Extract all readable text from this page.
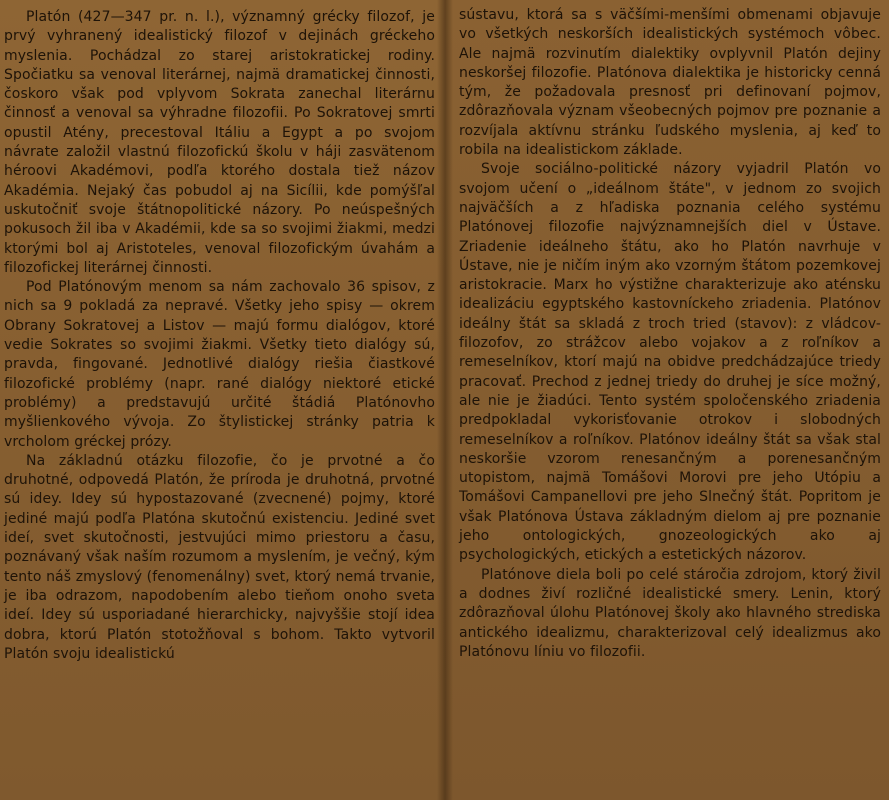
Platón (427—347 pr. n. l.), významný grécky filozof, je prvý vyhranený idealistický filozof v dejinách gréckeho myslenia. Pochádzal zo starej aristokratickej rodiny. Spočiatku sa venoval literárnej, najmä dramatickej činnosti, čoskoro však pod vplyvom Sokrata zanechal literárnu činnosť a venoval sa výhradne filozofii. Po Sokratovej smrti opustil Atény, precestoval Itáliu a Egypt a po svojom návrate založil vlastnú filozofickú školu v háji zasvätenom héroovi Akadémovi, podľa ktorého dostala tiež názov Akadémia. Nejaký čas pobudol aj na Sicílii, kde pomýšľal uskutočniť svoje štátnopolitické názory. Po neúspešných pokusoch žil iba v Akadémii, kde sa so svojimi žiakmi, medzi ktorými bol aj Aristoteles, venoval filozofickým úvahám a filozofickej literárnej činnosti.

Pod Platónovým menom sa nám zachovalo 36 spisov, z nich sa 9 pokladá za nepravé. Všetky jeho spisy — okrem Obrany Sokratovej a Listov — majú formu dialógov, ktoré vedie Sokrates so svojimi žiakmi. Všetky tieto dialógy sú, pravda, fingované. Jednotlivé dialógy riešia čiastkové filozofické problémy (napr. rané dialógy niektoré etické problémy) a predstavujú určité štádiá Platónovho myšlienkového vývoja. Zo štylistickej stránky patria k vrcholom gréckej prózy.

Na základnú otázku filozofie, čo je prvotné a čo druhotné, odpovedá Platón, že príroda je druhotná, prvotné sú idey. Idey sú hypostazované (zvecnené) pojmy, ktoré jediné majú podľa Platóna skutočnú existenciu. Jediné svet ideí, svet skutočnosti, jestvujúci mimo priestoru a času, poznávaný však naším rozumom a myslením, je večný, kým tento náš zmyslový (fenomenálny) svet, ktorý nemá trvanie, je iba odrazom, napodobením alebo tieňom onoho sveta ideí. Idey sú usporiadané hierarchicky, najvyššie stojí idea dobra, ktorú Platón stotožňoval s bohom. Takto vytvoril Platón svoju idealistickú

sústavu, ktorá sa s väčšími-menšími obmenami objavuje vo všetkých neskorších idealistických systémoch vôbec. Ale najmä rozvinutím dialektiky ovplyvnil Platón dejiny neskoršej filozofie. Platónova dialektika je historicky cenná tým, že požadovala presnosť pri definovaní pojmov, zdôrazňovala význam všeobecných pojmov pre poznanie a rozvíjala aktívnu stránku ľudského myslenia, aj keď to robila na idealistickom základe.

Svoje sociálno-politické názory vyjadril Platón vo svojom učení o „ideálnom štáte", v jednom zo svojich najväčších a z hľadiska poznania celého systému Platónovej filozofie najvýznamnejších diel v Ústave. Zriadenie ideálneho štátu, ako ho Platón navrhuje v Ústave, nie je ničím iným ako vzorným štátom pozemkovej aristokracie. Marx ho výstižne charakterizuje ako aténsku idealizáciu egyptského kastovníckeho zriadenia. Platónov ideálny štát sa skladá z troch tried (stavov): z vládcov-filozofov, zo strážcov alebo vojakov a z roľníkov a remeselníkov, ktorí majú na obidve predchádzajúce triedy pracovať. Prechod z jednej triedy do druhej je síce možný, ale nie je žiadúci. Tento systém spoločenského zriadenia predpokladal vykorisťovanie otrokov i slobodných remeselníkov a roľníkov. Platónov ideálny štát sa však stal neskoršie vzorom renesančným a porenesančným utopistom, najmä Tomášovi Morovi pre jeho Utópiu a Tomášovi Campanellovi pre jeho Slnečný štát. Popritom je však Platónova Ústava základným dielom aj pre poznanie jeho ontologických, gnozeologických ako aj psychologických, etických a estetických názorov.

Platónove diela boli po celé stáročia zdrojom, ktorý živil a dodnes živí rozličné idealistické smery. Lenin, ktorý zdôrazňoval úlohu Platónovej školy ako hlavného strediska antického idealizmu, charakterizoval celý idealizmus ako Platónovu líniu vo filozofii.
